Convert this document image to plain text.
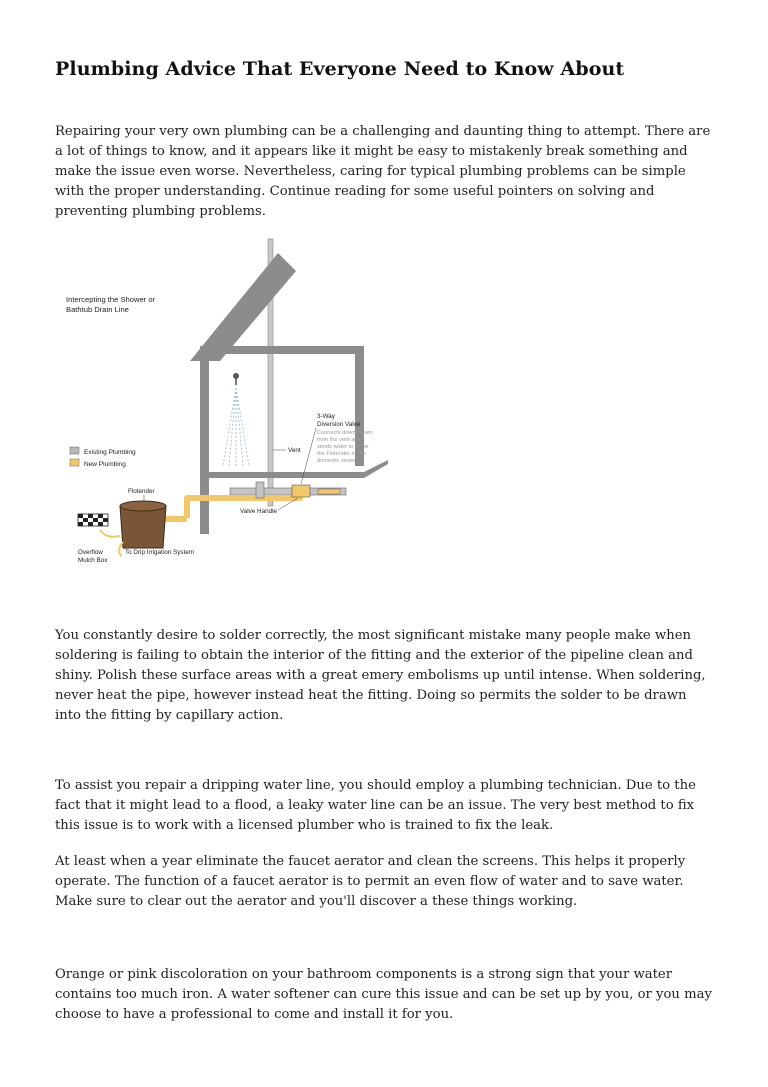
Plumbing Advice That Everyone Need to Know About

Repairing your very own plumbing can be a challenging and daunting thing to attempt. There are a lot of things to know, and it appears like it might be easy to mistakenly break something and make the issue even worse. Nevertheless, caring for typical plumbing problems can be simple with the proper understanding. Continue reading for some useful pointers on solving and preventing plumbing problems.

Intercepting the Shower or
Bathtub Drain Line
Existing Plumbing
New Plumbing
Flotender
Vent
3-Way
Diversion Valve
Connects downstream
from the vent and
sends water to either
the Flotender or the
domestic sewer
Valve Handle
Overflow
Mulch Box
To Drip Irrigation System

You constantly desire to solder correctly, the most significant mistake many people make when soldering is failing to obtain the interior of the fitting and the exterior of the pipeline clean and shiny. Polish these surface areas with a great emery embolisms up until intense. When soldering, never heat the pipe, however instead heat the fitting. Doing so permits the solder to be drawn into the fitting by capillary action.

To assist you repair a dripping water line, you should employ a plumbing technician. Due to the fact that it might lead to a flood, a leaky water line can be an issue. The very best method to fix this issue is to work with a licensed plumber who is trained to fix the leak.

At least when a year eliminate the faucet aerator and clean the screens. This helps it properly operate. The function of a faucet aerator is to permit an even flow of water and to save water. Make sure to clear out the aerator and you'll discover a these things working.

Orange or pink discoloration on your bathroom components is a strong sign that your water contains too much iron. A water softener can cure this issue and can be set up by you, or you may choose to have a professional to come and install it for you.
